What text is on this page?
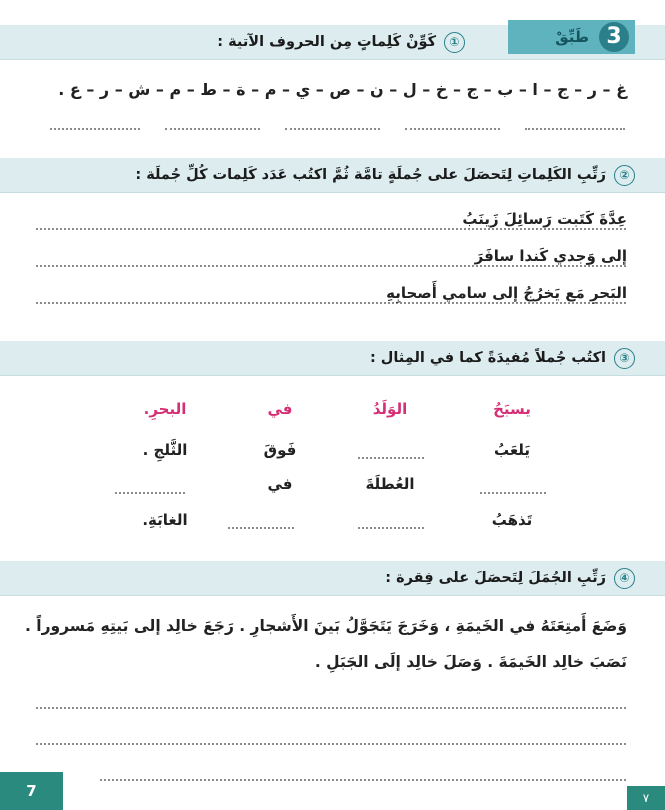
①كَوِّنْ كَلِماتٍ مِن الحروف الآتية :	3
طَبِّقْ
غ – ر – ج – ا – ب – ج – خ – ل – ن – ص – ي – م – ة – ط – م – ش – ر – ع .
②رَتِّبِ الكَلِماتِ لِتَحصَلَ على جُملَةٍ تامَّة ثُمَّ اكتُب عَدَد كَلِمات كُلِّ جُملَة :
عِدَّةَ كَتَبت رَسائِلَ زَينَبُ
إلى وَجدي كَندا سافَرَ
البَحرِ مَع يَخرُجُ إلى سامي أَصحابِهِ
③اكتُب جُملاً مُفيدَةً كما في المِثال :
يسبَحُ
الوَلَدُ
في
البحرِ.
يَلعَبُ
فَوقَ
الثَّلجِ .
العُطلَةَ
في
تَذهَبُ
الغابَةِ.
④رَتِّبِ الجُمَلَ لِتَحصَلَ على فِقرة :
وَضَعَ أَمتِعَتَهُ في الخَيمَةِ ، وَخَرَجَ يَتَجَوَّلُ بَينَ الأَشجارِ . رَجَعَ خالِد إلى بَيتِهِ مَسروراً .
نَصَبَ خالِد الخَيمَةَ . وَصَلَ خالِد إلَى الجَبَلِ .
7	٧
